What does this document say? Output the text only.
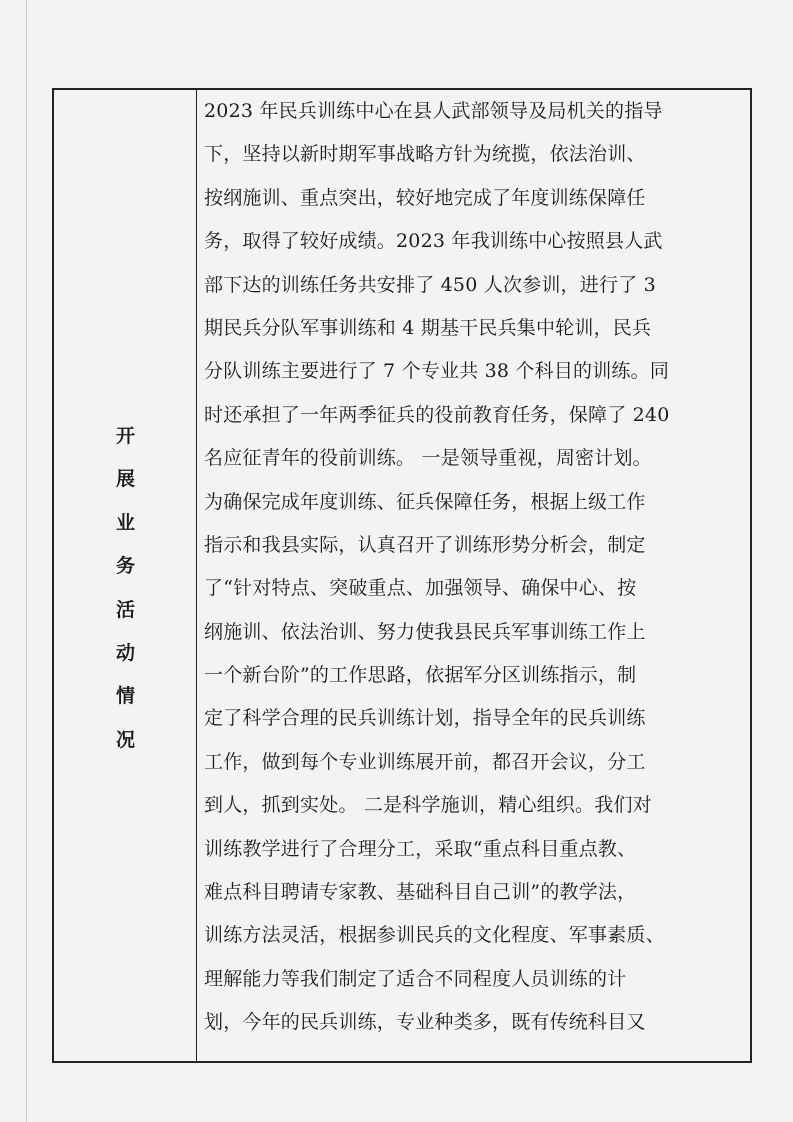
开
展
业
务
活
动
情
况
2023 年民兵训练中心在县人武部领导及局机关的指导
下，坚持以新时期军事战略方针为统揽，依法治训、
按纲施训、重点突出，较好地完成了年度训练保障任
务，取得了较好成绩。2023 年我训练中心按照县人武
部下达的训练任务共安排了 450 人次参训，进行了 3
期民兵分队军事训练和 4 期基干民兵集中轮训，民兵
分队训练主要进行了 7 个专业共 38 个科目的训练。同
时还承担了一年两季征兵的役前教育任务，保障了 240
名应征青年的役前训练。 一是领导重视，周密计划。
为确保完成年度训练、征兵保障任务，根据上级工作
指示和我县实际，认真召开了训练形势分析会，制定
了“针对特点、突破重点、加强领导、确保中心、按
纲施训、依法治训、努力使我县民兵军事训练工作上
一个新台阶”的工作思路，依据军分区训练指示，制
定了科学合理的民兵训练计划，指导全年的民兵训练
工作，做到每个专业训练展开前，都召开会议，分工
到人，抓到实处。 二是科学施训，精心组织。我们对
训练教学进行了合理分工，采取“重点科目重点教、
难点科目聘请专家教、基础科目自己训”的教学法，
训练方法灵活，根据参训民兵的文化程度、军事素质、
理解能力等我们制定了适合不同程度人员训练的计
划，今年的民兵训练，专业种类多，既有传统科目又
